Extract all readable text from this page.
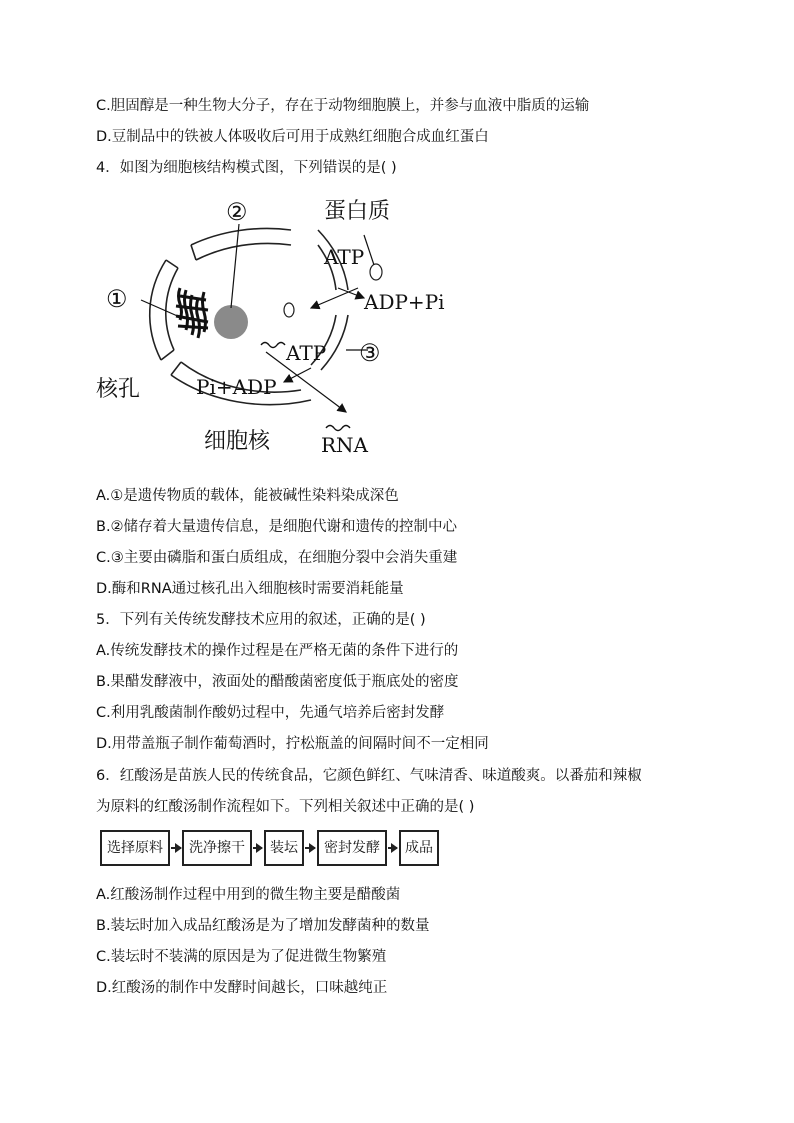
C.胆固醇是一种生物大分子，存在于动物细胞膜上，并参与血液中脂质的运输
D.豆制品中的铁被人体吸收后可用于成熟红细胞合成血红蛋白
4．如图为细胞核结构模式图，下列错误的是( )
①
②	蛋白质
ATP
ADP+Pi
ATP ③
Pi+ADP
核孔
细胞核	RNA
A.①是遗传物质的载体，能被碱性染料染成深色
B.②储存着大量遗传信息，是细胞代谢和遗传的控制中心
C.③主要由磷脂和蛋白质组成，在细胞分裂中会消失重建
D.酶和RNA通过核孔出入细胞核时需要消耗能量
5．下列有关传统发酵技术应用的叙述，正确的是( )
A.传统发酵技术的操作过程是在严格无菌的条件下进行的
B.果醋发酵液中，液面处的醋酸菌密度低于瓶底处的密度
C.利用乳酸菌制作酸奶过程中，先通气培养后密封发酵
D.用带盖瓶子制作葡萄酒时，拧松瓶盖的间隔时间不一定相同
6．红酸汤是苗族人民的传统食品，它颜色鲜红、气味清香、味道酸爽。以番茄和辣椒
为原料的红酸汤制作流程如下。下列相关叙述中正确的是( )
选择原料	洗净擦干	装坛	密封发酵	成品
A.红酸汤制作过程中用到的微生物主要是醋酸菌
B.装坛时加入成品红酸汤是为了增加发酵菌种的数量
C.装坛时不装满的原因是为了促进微生物繁殖
D.红酸汤的制作中发酵时间越长，口味越纯正
